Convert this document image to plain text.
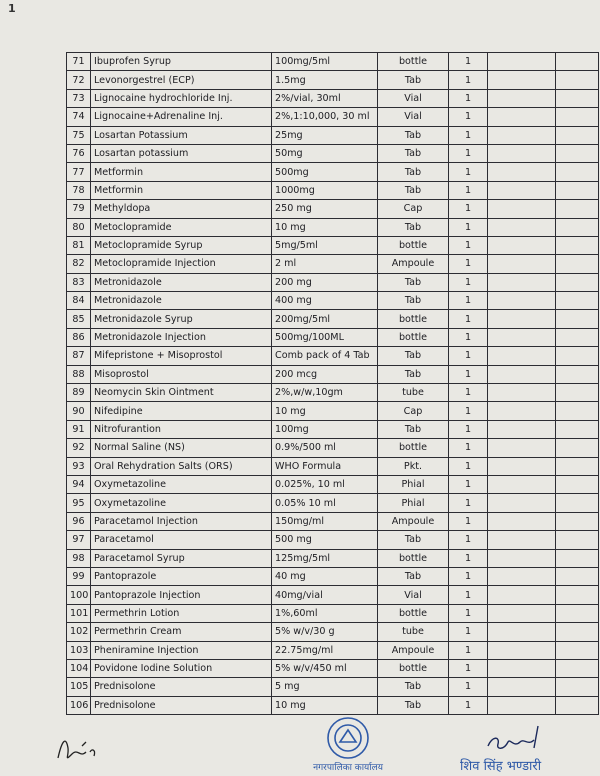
1
71	Ibuprofen Syrup	100mg/5ml	bottle	1		
72	Levonorgestrel (ECP)	1.5mg	Tab	1		
73	Lignocaine hydrochloride Inj.	2%/vial, 30ml	Vial	1		
74	Lignocaine+Adrenaline Inj.	2%,1:10,000, 30 ml	Vial	1		
75	Losartan Potassium	25mg	Tab	1		
76	Losartan potassium	50mg	Tab	1		
77	Metformin	500mg	Tab	1		
78	Metformin	1000mg	Tab	1		
79	Methyldopa	250 mg	Cap	1		
80	Metoclopramide	10 mg	Tab	1		
81	Metoclopramide Syrup	5mg/5ml	bottle	1		
82	Metoclopramide Injection	2 ml	Ampoule	1		
83	Metronidazole	200 mg	Tab	1		
84	Metronidazole	400 mg	Tab	1		
85	Metronidazole Syrup	200mg/5ml	bottle	1		
86	Metronidazole Injection	500mg/100ML	bottle	1		
87	Mifepristone + Misoprostol	Comb pack of 4 Tab	Tab	1		
88	Misoprostol	200 mcg	Tab	1		
89	Neomycin Skin Ointment	2%,w/w,10gm	tube	1		
90	Nifedipine	10 mg	Cap	1		
91	Nitrofurantion	100mg	Tab	1		
92	Normal Saline (NS)	0.9%/500 ml	bottle	1		
93	Oral Rehydration Salts (ORS)	WHO Formula	Pkt.	1		
94	Oxymetazoline	0.025%, 10 ml	Phial	1		
95	Oxymetazoline	0.05% 10 ml	Phial	1		
96	Paracetamol Injection	150mg/ml	Ampoule	1		
97	Paracetamol	500 mg	Tab	1		
98	Paracetamol Syrup	125mg/5ml	bottle	1		
99	Pantoprazole	40 mg	Tab	1		
100	Pantoprazole Injection	40mg/vial	Vial	1		
101	Permethrin Lotion	1%,60ml	bottle	1		
102	Permethrin Cream	5% w/v/30 g	tube	1		
103	Pheniramine Injection	22.75mg/ml	Ampoule	1		
104	Povidone Iodine Solution	5% w/v/450 ml	bottle	1		
105	Prednisolone	5 mg	Tab	1		
106	Prednisolone	10 mg	Tab	1		
नगरपालिका कार्यालय	शिव सिंह भण्डारी
